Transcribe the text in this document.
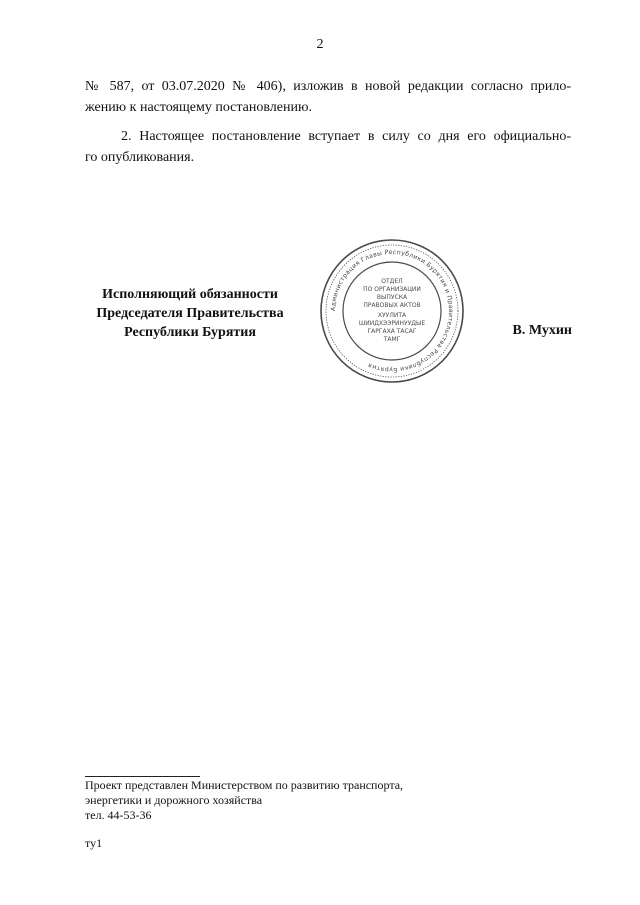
2
№ 587, от 03.07.2020 № 406), изложив в новой редакции согласно прило-
жению к настоящему постановлению.
2. Настоящее постановление вступает в силу со дня его официально-
го опубликования.
Исполняющий обязанности
Председателя Правительства
Республики Бурятия
Администрация Главы Республики Бурятия и Правительства Республики Бурятия
ОТДЕЛ
ПО ОРГАНИЗАЦИИ
ВЫПУСКА
ПРАВОВЫХ АКТОВ
ХУУЛИТА
ШИИДХЭЭРИНУУДЫЕ
ГАРГАХА ТАСАГ
ТАМГ
В. Мухин
Проект представлен Министерством по развитию транспорта,
энергетики и дорожного хозяйства
тел. 44-53-36
ту1
